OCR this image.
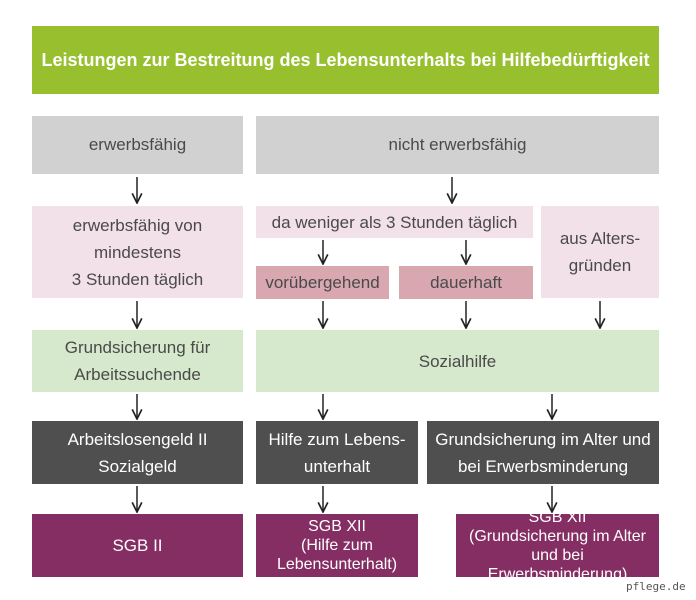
Leistungen zur Bestreitung des Lebensunterhalts bei Hilfebedürftigkeit
erwerbsfähig	nicht erwerbsfähig
erwerbsfähig von
mindestens
3 Stunden täglich
da weniger als 3 Stunden täglich
vorübergehend	dauerhaft
aus Alters-
gründen
Grundsicherung für
Arbeitssuchende
Sozialhilfe
Arbeitslosengeld II
Sozialgeld
Hilfe zum Lebens-
unterhalt
Grundsicherung im Alter und
bei Erwerbsminderung
SGB II
SGB XII
(Hilfe zum
Lebensunterhalt)
SGB XII
(Grundsicherung im Alter
und bei Erwerbsminderung)
pflege.de
